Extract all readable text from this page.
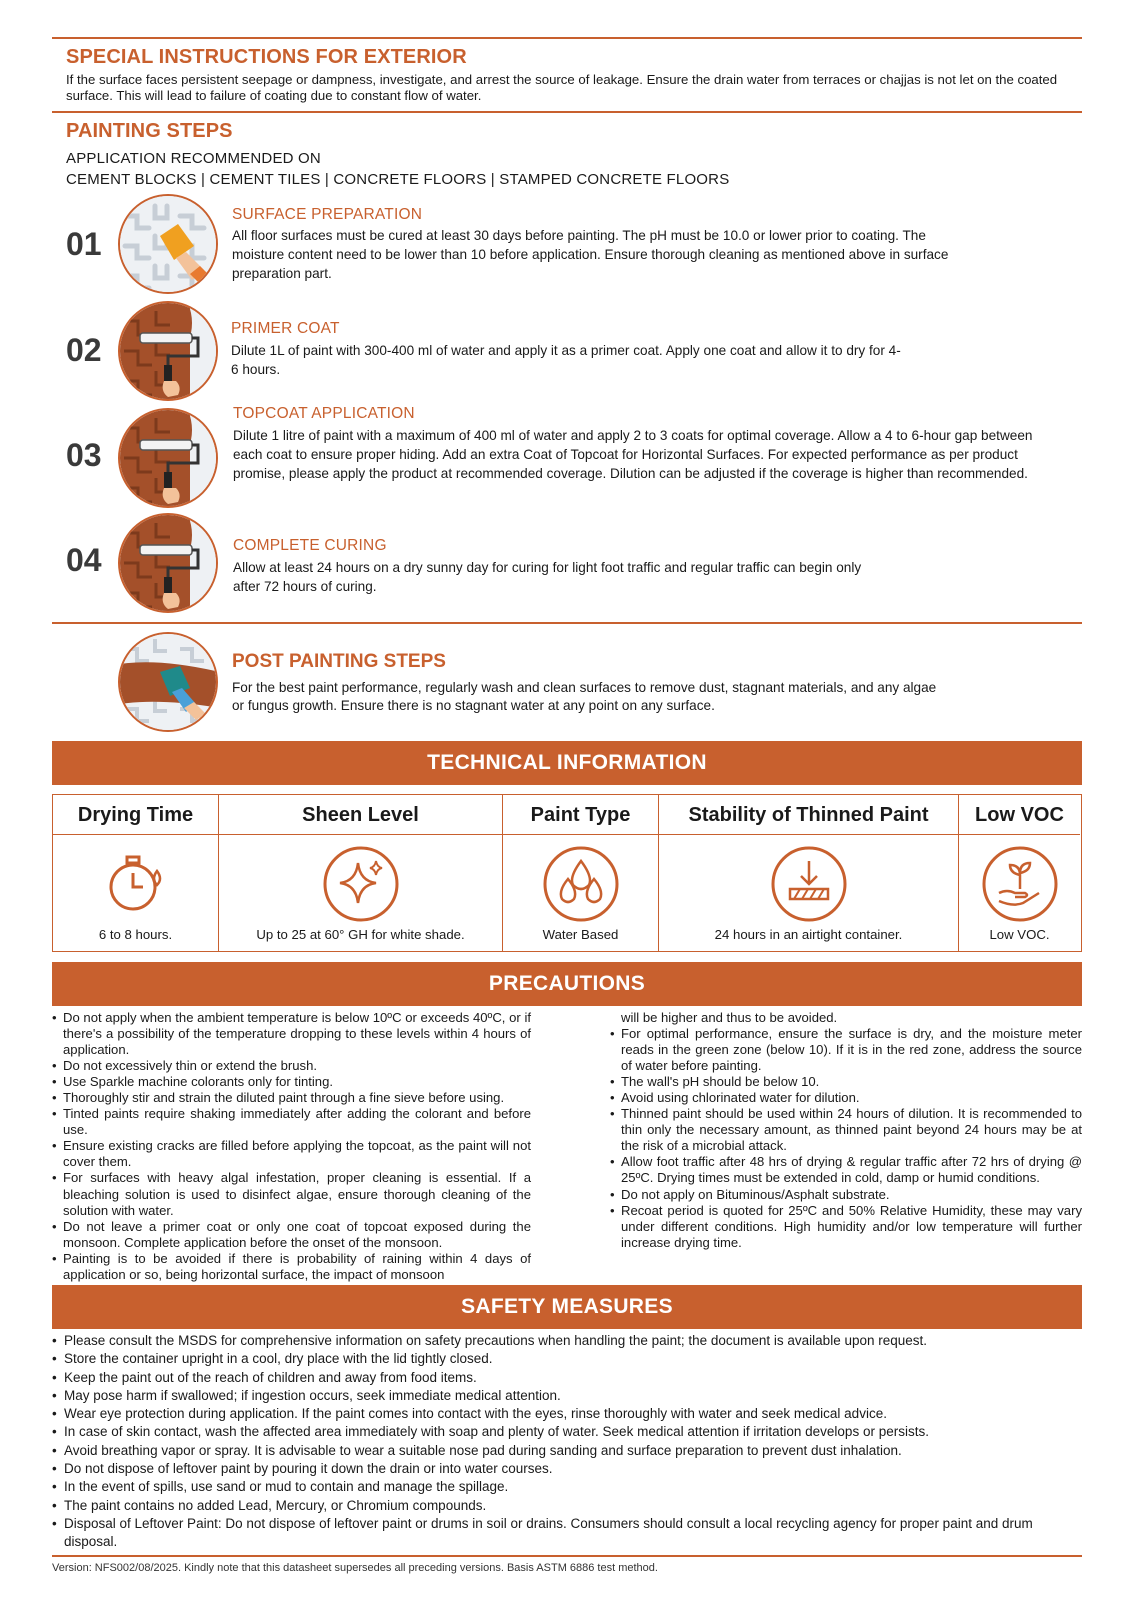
SPECIAL INSTRUCTIONS FOR EXTERIOR
If the surface faces persistent seepage or dampness, investigate, and arrest the source of leakage. Ensure the drain water from terraces or chajjas is not let on the coated surface. This will lead to failure of coating due to constant flow of water.
PAINTING STEPS
APPLICATION RECOMMENDED ON
CEMENT BLOCKS | CEMENT TILES | CONCRETE FLOORS | STAMPED CONCRETE FLOORS
01
SURFACE PREPARATION
All floor surfaces must be cured at least 30 days before painting. The pH must be 10.0 or lower prior to coating. The moisture content need to be lower than 10 before application. Ensure thorough cleaning as mentioned above in surface preparation part.
02
PRIMER COAT
Dilute 1L of paint with 300-400 ml of water and apply it as a primer coat. Apply one coat and allow it to dry for 4-6 hours.
03
TOPCOAT APPLICATION
Dilute 1 litre of paint with a maximum of 400 ml of water and apply 2 to 3 coats for optimal coverage. Allow a 4 to 6-hour gap between each coat to ensure proper hiding. Add an extra Coat of Topcoat for Horizontal Surfaces. For expected performance as per product promise, please apply the product at recommended coverage. Dilution can be adjusted if the coverage is higher than recommended.
04	COMPLETE CURING
Allow at least 24 hours on a dry sunny day for curing for light foot traffic and regular traffic can begin only after 72 hours of curing.
POST PAINTING STEPS
For the best paint performance, regularly wash and clean surfaces to remove dust, stagnant materials, and any algae or fungus growth. Ensure there is no stagnant water at any point on any surface.
TECHNICAL INFORMATION
Drying Time
6 to 8 hours.
Sheen Level
Up to 25 at 60° GH for white shade.
Paint Type
Water Based
Stability of Thinned Paint
24 hours in an airtight container.
Low VOC
Low VOC.
PRECAUTIONS
• Do not apply when the ambient temperature is below 10ºC or exceeds 40ºC, or if there's a possibility of the temperature dropping to these levels within 4 hours of application.
• Do not excessively thin or extend the brush.
• Use Sparkle machine colorants only for tinting.
• Thoroughly stir and strain the diluted paint through a fine sieve before using.
• Tinted paints require shaking immediately after adding the colorant and before use.
• Ensure existing cracks are filled before applying the topcoat, as the paint will not cover them.
• For surfaces with heavy algal infestation, proper cleaning is essential. If a bleaching solution is used to disinfect algae, ensure thorough cleaning of the solution with water.
• Do not leave a primer coat or only one coat of topcoat exposed during the monsoon. Complete application before the onset of the monsoon.
• Painting is to be avoided if there is probability of raining within 4 days of application or so, being horizontal surface, the impact of monsoon
will be higher and thus to be avoided.
• For optimal performance, ensure the surface is dry, and the moisture meter reads in the green zone (below 10). If it is in the red zone, address the source of water before painting.
• The wall's pH should be below 10.
• Avoid using chlorinated water for dilution.
• Thinned paint should be used within 24 hours of dilution. It is recommended to thin only the necessary amount, as thinned paint beyond 24 hours may be at the risk of a microbial attack.
• Allow foot traffic after 48 hrs of drying & regular traffic after 72 hrs of drying @ 25ºC. Drying times must be extended in cold, damp or humid conditions.
• Do not apply on Bituminous/Asphalt substrate.
• Recoat period is quoted for 25ºC and 50% Relative Humidity, these may vary under different conditions. High humidity and/or low temperature will further increase drying time.
SAFETY MEASURES
• Please consult the MSDS for comprehensive information on safety precautions when handling the paint; the document is available upon request.
• Store the container upright in a cool, dry place with the lid tightly closed.
• Keep the paint out of the reach of children and away from food items.
• May pose harm if swallowed; if ingestion occurs, seek immediate medical attention.
• Wear eye protection during application. If the paint comes into contact with the eyes, rinse thoroughly with water and seek medical advice.
• In case of skin contact, wash the affected area immediately with soap and plenty of water. Seek medical attention if irritation develops or persists.
• Avoid breathing vapor or spray. It is advisable to wear a suitable nose pad during sanding and surface preparation to prevent dust inhalation.
• Do not dispose of leftover paint by pouring it down the drain or into water courses.
• In the event of spills, use sand or mud to contain and manage the spillage.
• The paint contains no added Lead, Mercury, or Chromium compounds.
• Disposal of Leftover Paint: Do not dispose of leftover paint or drums in soil or drains. Consumers should consult a local recycling agency for proper paint and drum disposal.
Version: NFS002/08/2025. Kindly note that this datasheet supersedes all preceding versions. Basis ASTM 6886 test method.
